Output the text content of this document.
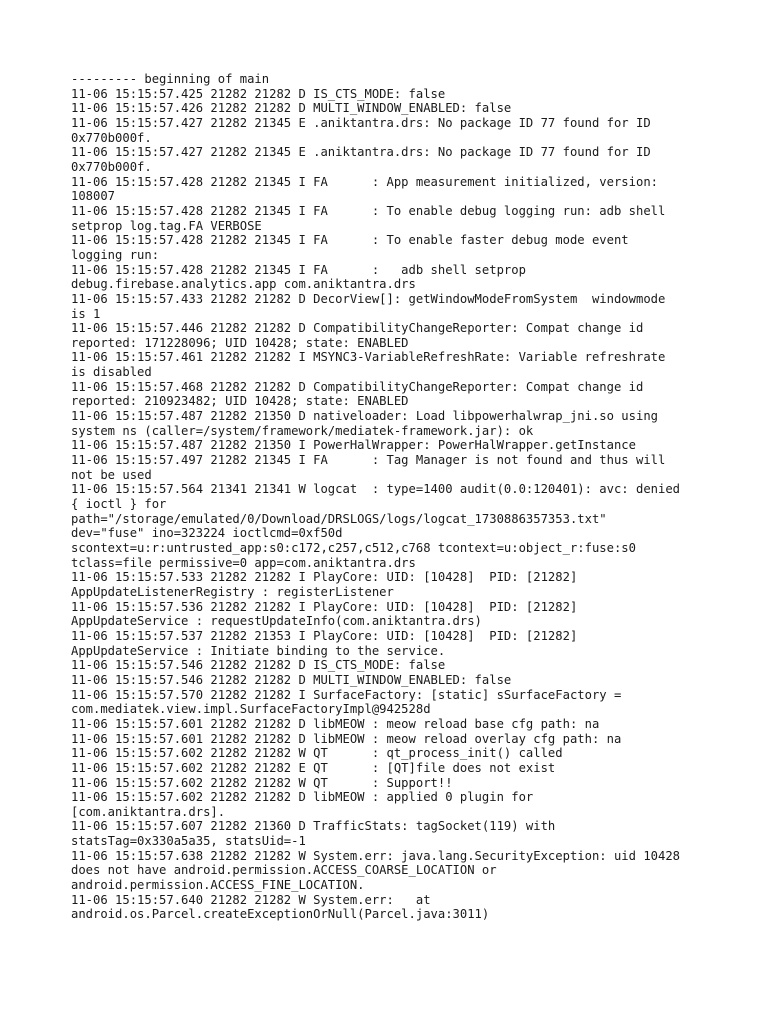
--------- beginning of main
11-06 15:15:57.425 21282 21282 D IS_CTS_MODE: false
11-06 15:15:57.426 21282 21282 D MULTI_WINDOW_ENABLED: false
11-06 15:15:57.427 21282 21345 E .aniktantra.drs: No package ID 77 found for ID
0x770b000f.
11-06 15:15:57.427 21282 21345 E .aniktantra.drs: No package ID 77 found for ID
0x770b000f.
11-06 15:15:57.428 21282 21345 I FA      : App measurement initialized, version:
108007
11-06 15:15:57.428 21282 21345 I FA      : To enable debug logging run: adb shell
setprop log.tag.FA VERBOSE
11-06 15:15:57.428 21282 21345 I FA      : To enable faster debug mode event
logging run:
11-06 15:15:57.428 21282 21345 I FA      :   adb shell setprop
debug.firebase.analytics.app com.aniktantra.drs
11-06 15:15:57.433 21282 21282 D DecorView[]: getWindowModeFromSystem  windowmode
is 1
11-06 15:15:57.446 21282 21282 D CompatibilityChangeReporter: Compat change id
reported: 171228096; UID 10428; state: ENABLED
11-06 15:15:57.461 21282 21282 I MSYNC3-VariableRefreshRate: Variable refreshrate
is disabled
11-06 15:15:57.468 21282 21282 D CompatibilityChangeReporter: Compat change id
reported: 210923482; UID 10428; state: ENABLED
11-06 15:15:57.487 21282 21350 D nativeloader: Load libpowerhalwrap_jni.so using
system ns (caller=/system/framework/mediatek-framework.jar): ok
11-06 15:15:57.487 21282 21350 I PowerHalWrapper: PowerHalWrapper.getInstance
11-06 15:15:57.497 21282 21345 I FA      : Tag Manager is not found and thus will
not be used
11-06 15:15:57.564 21341 21341 W logcat  : type=1400 audit(0.0:120401): avc: denied
{ ioctl } for
path="/storage/emulated/0/Download/DRSLOGS/logs/logcat_1730886357353.txt"
dev="fuse" ino=323224 ioctlcmd=0xf50d
scontext=u:r:untrusted_app:s0:c172,c257,c512,c768 tcontext=u:object_r:fuse:s0
tclass=file permissive=0 app=com.aniktantra.drs
11-06 15:15:57.533 21282 21282 I PlayCore: UID: [10428]  PID: [21282]
AppUpdateListenerRegistry : registerListener
11-06 15:15:57.536 21282 21282 I PlayCore: UID: [10428]  PID: [21282]
AppUpdateService : requestUpdateInfo(com.aniktantra.drs)
11-06 15:15:57.537 21282 21353 I PlayCore: UID: [10428]  PID: [21282]
AppUpdateService : Initiate binding to the service.
11-06 15:15:57.546 21282 21282 D IS_CTS_MODE: false
11-06 15:15:57.546 21282 21282 D MULTI_WINDOW_ENABLED: false
11-06 15:15:57.570 21282 21282 I SurfaceFactory: [static] sSurfaceFactory =
com.mediatek.view.impl.SurfaceFactoryImpl@942528d
11-06 15:15:57.601 21282 21282 D libMEOW : meow reload base cfg path: na
11-06 15:15:57.601 21282 21282 D libMEOW : meow reload overlay cfg path: na
11-06 15:15:57.602 21282 21282 W QT      : qt_process_init() called
11-06 15:15:57.602 21282 21282 E QT      : [QT]file does not exist
11-06 15:15:57.602 21282 21282 W QT      : Support!!
11-06 15:15:57.602 21282 21282 D libMEOW : applied 0 plugin for
[com.aniktantra.drs].
11-06 15:15:57.607 21282 21360 D TrafficStats: tagSocket(119) with
statsTag=0x330a5a35, statsUid=-1
11-06 15:15:57.638 21282 21282 W System.err: java.lang.SecurityException: uid 10428
does not have android.permission.ACCESS_COARSE_LOCATION or
android.permission.ACCESS_FINE_LOCATION.
11-06 15:15:57.640 21282 21282 W System.err:   at
android.os.Parcel.createExceptionOrNull(Parcel.java:3011)
